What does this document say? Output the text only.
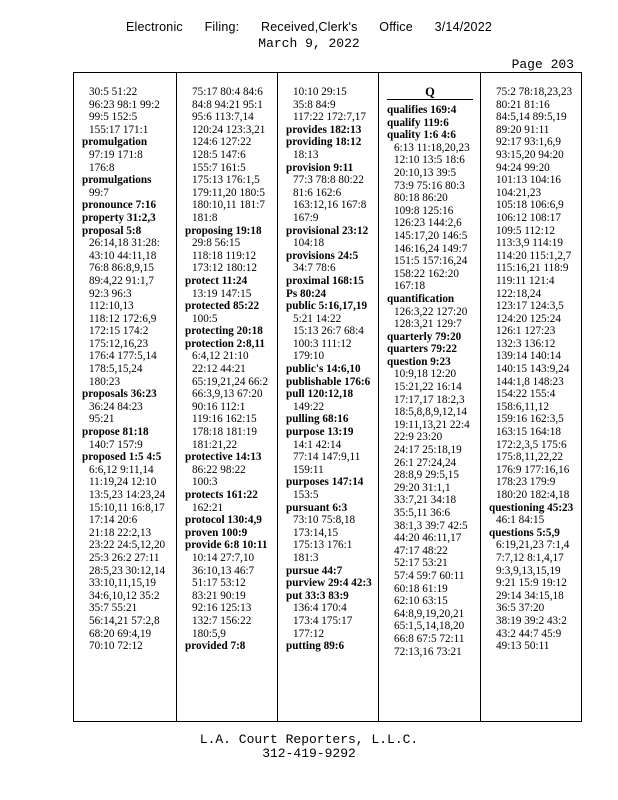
Electronic Filing: Received,Clerk's Office 3/14/2022
March 9, 2022
Page 203
30:5 51:22
96:23 98:1 99:2
99:5 152:5
155:17 171:1
promulgation
97:19 171:8
176:8
promulgations
99:7
pronounce 7:16
property 31:2,3
proposal 5:8
26:14,18 31:28:
43:10 44:11,18
76:8 86:8,9,15
89:4,22 91:1,7
92:3 96:3
112:10,13
118:12 172:6,9
172:15 174:2
175:12,16,23
176:4 177:5,14
178:5,15,24
180:23
proposals 36:23
36:24 84:23
95:21
propose 81:18
140:7 157:9
proposed 1:5 4:5
6:6,12 9:11,14
11:19,24 12:10
13:5,23 14:23,24
15:10,11 16:8,17
17:14 20:6
21:18 22:2,13
23:22 24:5,12,20
25:3 26:2 27:11
28:5,23 30:12,14
33:10,11,15,19
34:6,10,12 35:2
35:7 55:21
56:14,21 57:2,8
68:20 69:4,19
70:10 72:12
75:17 80:4 84:6
84:8 94:21 95:1
95:6 113:7,14
120:24 123:3,21
124:6 127:22
128:5 147:6
155:7 161:5
175:13 176:1,5
179:11,20 180:5
180:10,11 181:7
181:8
proposing 19:18
29:8 56:15
118:18 119:12
173:12 180:12
protect 11:24
13:19 147:15
protected 85:22
100:5
protecting 20:18
protection 2:8,11
6:4,12 21:10
22:12 44:21
65:19,21,24 66:2
66:3,9,13 67:20
90:16 112:1
119:16 162:15
178:18 181:19
181:21,22
protective 14:13
86:22 98:22
100:3
protects 161:22
162:21
protocol 130:4,9
proven 100:9
provide 6:8 10:11
10:14 27:7,10
36:10,13 46:7
51:17 53:12
83:21 90:19
92:16 125:13
132:7 156:22
180:5,9
provided 7:8
10:10 29:15
35:8 84:9
117:22 172:7,17
provides 182:13
providing 18:12
18:13
provision 9:11
77:3 78:8 80:22
81:6 162:6
163:12,16 167:8
167:9
provisional 23:12
104:18
provisions 24:5
34:7 78:6
proximal 168:15
Ps 80:24
public 5:16,17,19
5:21 14:22
15:13 26:7 68:4
100:3 111:12
179:10
public's 14:6,10
publishable 176:6
pull 120:12,18
149:22
pulling 68:16
purpose 13:19
14:1 42:14
77:14 147:9,11
159:11
purposes 147:14
153:5
pursuant 6:3
73:10 75:8,18
173:14,15
175:13 176:1
181:3
pursue 44:7
purview 29:4 42:3
put 33:3 83:9
136:4 170:4
173:4 175:17
177:12
putting 89:6
Q
qualifies 169:4
qualify 119:6
quality 1:6 4:6
6:13 11:18,20,23
12:10 13:5 18:6
20:10,13 39:5
73:9 75:16 80:3
80:18 86:20
109:8 125:16
126:23 144:2,6
145:17,20 146:5
146:16,24 149:7
151:5 157:16,24
158:22 162:20
167:18
quantification
126:3,22 127:20
128:3,21 129:7
quarterly 79:20
quarters 79:22
question 9:23
10:9,18 12:20
15:21,22 16:14
17:17,17 18:2,3
18:5,8,8,9,12,14
19:11,13,21 22:4
22:9 23:20
24:17 25:18,19
26:1 27:24,24
28:8,9 29:5,15
29:20 31:1,1
33:7,21 34:18
35:5,11 36:6
38:1,3 39:7 42:5
44:20 46:11,17
47:17 48:22
52:17 53:21
57:4 59:7 60:11
60:18 61:19
62:10 63:15
64:8,9,19,20,21
65:1,5,14,18,20
66:8 67:5 72:11
72:13,16 73:21
75:2 78:18,23,23
80:21 81:16
84:5,14 89:5,19
89:20 91:11
92:17 93:1,6,9
93:15,20 94:20
94:24 99:20
101:13 104:16
104:21,23
105:18 106:6,9
106:12 108:17
109:5 112:12
113:3,9 114:19
114:20 115:1,2,7
115:16,21 118:9
119:11 121:4
122:18,24
123:17 124:3,5
124:20 125:24
126:1 127:23
132:3 136:12
139:14 140:14
140:15 143:9,24
144:1,8 148:23
154:22 155:4
158:6,11,12
159:16 162:3,5
163:15 164:18
172:2,3,5 175:6
175:8,11,22,22
176:9 177:16,16
178:23 179:9
180:20 182:4,18
questioning 45:23
46:1 84:15
questions 5:5,9
6:19,21,23 7:1,4
7:7,12 8:1,4,17
9:3,9,13,15,19
9:21 15:9 19:12
29:14 34:15,18
36:5 37:20
38:19 39:2 43:2
43:2 44:7 45:9
49:13 50:11
L.A. Court Reporters, L.L.C.
312-419-9292
